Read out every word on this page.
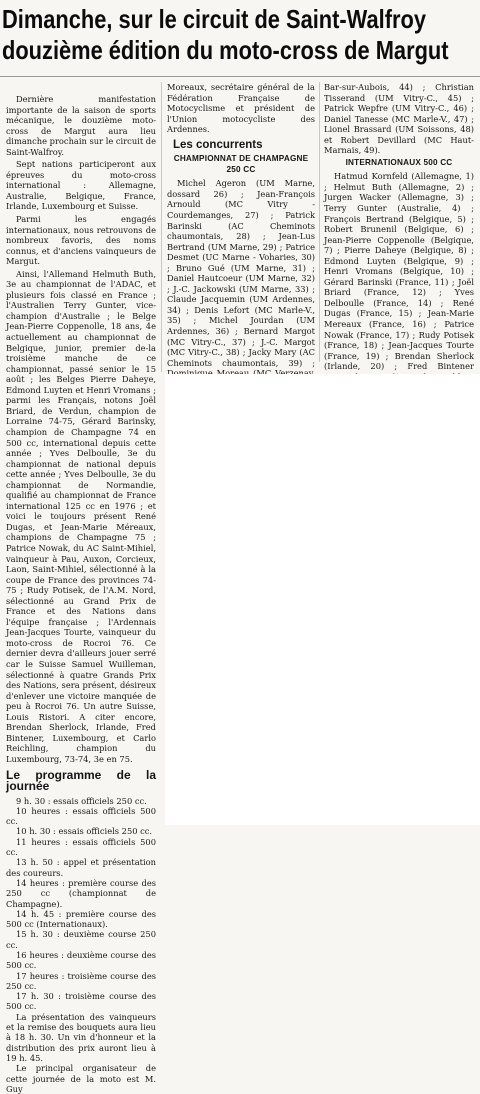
Dimanche, sur le circuit de Saint-Walfroy
douzième édition du moto-cross de Margut

Dernière manifestation importante de la saison de sports mécanique, le douzième moto-cross de Margut aura lieu dimanche prochain sur le circuit de Saint-Walfroy.

Sept nations participeront aux épreuves du moto-cross international : Allemagne, Australie, Belgique, France, Irlande, Luxembourg et Suisse.

Parmi les engagés internationaux, nous retrouvons de nombreux favoris, des noms connus, et d'anciens vainqueurs de Margut.

Ainsi, l'Allemand Helmuth Buth, 3e au championnat de l'ADAC, et plusieurs fois classé en France ; l'Australien Terry Gunter, vice-champion d'Australie ; le Belge Jean-Pierre Coppenolle, 18 ans, 4e actuellement au championnat de Belgique, junior, premier de-la troisième manche de ce championnat, passé senior le 15 août ; les Belges Pierre Daheye, Edmond Luyten et Henri Vromans ; parmi les Français, notons Joël Briard, de Verdun, champion de Lorraine 74-75, Gérard Barinsky, champion de Champagne 74 en 500 cc, international depuis cette année ; Yves Delboulle, 3e du championnat de national depuis cette année ; Yves Delboulle, 3e du championnat de Normandie, qualifié au championnat de France international 125 cc en 1976 ; et voici le toujours présent René Dugas, et Jean-Marie Méreaux, champions de Champagne 75 ; Patrice Nowak, du AC Saint-Mihiel, vainqueur à Pau, Auxon, Corcieux, Laon, Saint-Mihiel, sélectionné à la coupe de France des provinces 74-75 ; Rudy Potisek, de l'A.M. Nord, sélectionné au Grand Prix de France et des Nations dans l'équipe française ; l'Ardennais Jean-Jacques Tourte, vainqueur du moto-cross de Rocroi 76. Ce dernier devra d'ailleurs jouer serré car le Suisse Samuel Wuilleman, sélectionné à quatre Grands Prix des Nations, sera présent, désireux d'enlever une victoire manquée de peu à Rocroi 76. Un autre Suisse, Louis Ristori. A citer encore, Brendan Sherlock, Irlande, Fred Bintener, Luxembourg, et Carlo Reichling, champion du Luxembourg, 73-74, 3e en 75.

Le programme de la journée
9 h. 30 : essais officiels 250 cc.
10 heures : essais officiels 500 cc.
10 h. 30 : essais officiels 250 cc.
11 heures : essais officiels 500 cc.
13 h. 50 : appel et présentation des coureurs.
14 heures : première course des 250 cc (championnat de Champagne).
14 h. 45 : première course des 500 cc (Internationaux).
15 h. 30 : deuxième course 250 cc.
16 heures : deuxième course des 500 cc.
17 heures : troisième course des 250 cc.
17 h. 30 : troisième course des 500 cc.
La présentation des vainqueurs et la remise des bouquets aura lieu à 18 h. 30. Un vin d'honneur et la distribution des prix auront lieu à 19 h. 45.
Le principal organisateur de cette journée de la moto est M. Guy

Moreaux, secrétaire général de la Fédération Française de Motocyclisme et président de l'Union motocycliste des Ardennes.

Les concurrents
CHAMPIONNAT DE CHAMPAGNE 250 CC

Michel Ageron (UM Marne, dossard 26) ; Jean-François Arnould (MC Vitry - Courdemanges, 27) ; Patrick Barinski (AC Cheminots chaumontais, 28) ; Jean-Lus Bertrand (UM Marne, 29) ; Patrice Desmet (UC Marne - Voharies, 30) ; Bruno Gué (UM Marne, 31) ; Daniel Hautcoeur (UM Marne, 32) ; J.-C. Jackowski (UM Marne, 33) ; Claude Jacquemin (UM Ardennes, 34) ; Denis Lefort (MC Marle-V., 35) ; Michel Jourdan (UM Ardennes, 36) ; Bernard Margot (MC Vitry-C., 37) ; J.-C. Margot (MC Vitry-C., 38) ; Jacky Mary (AC Cheminots chaumontais, 39) ;

Bar-sur-Aubois, 44) ; Christian Tisserand (UM Vitry-C., 45) ; Patrick Wepfre (UM Vitry-C., 46) ; Daniel Tanesse (MC Marle-V., 47) ; Lionel Brassard (UM Soissons, 48) et Robert Devillard (MC Haut-Marnais, 49).

INTERNATIONAUX 500 CC

Hatmud Kornfeld (Allemagne, 1) ; Helmut Buth (Allemagne, 2) ; Jurgen Wacker (Allemagne, 3) ; Terry Gunter (Australie, 4) ; François Bertrand (Belgique, 5) ; Robert Brunenil (Belgique, 6) ; Jean-Pierre Coppenolle (Belgique, 7) ; Pierre Daheye (Belgique, 8) ; Edmond Luyten (Belgique, 9) ; Henri Vromans (Belgique, 10) ; Gérard Barinski (France, 11) ; Joël Briard (France, 12) ; Yves Delboulle (France, 14) ; René Dugas (France, 15) ; Jean-Marie Mereaux (France, 16) ; Patrice Nowak (France, 17) ; Rudy Potisek (France, 18) ; Jean-Jacques Tourte (France, 19) ; Brendan Sherlock (Irlande, 20) ; Fred Bintener
